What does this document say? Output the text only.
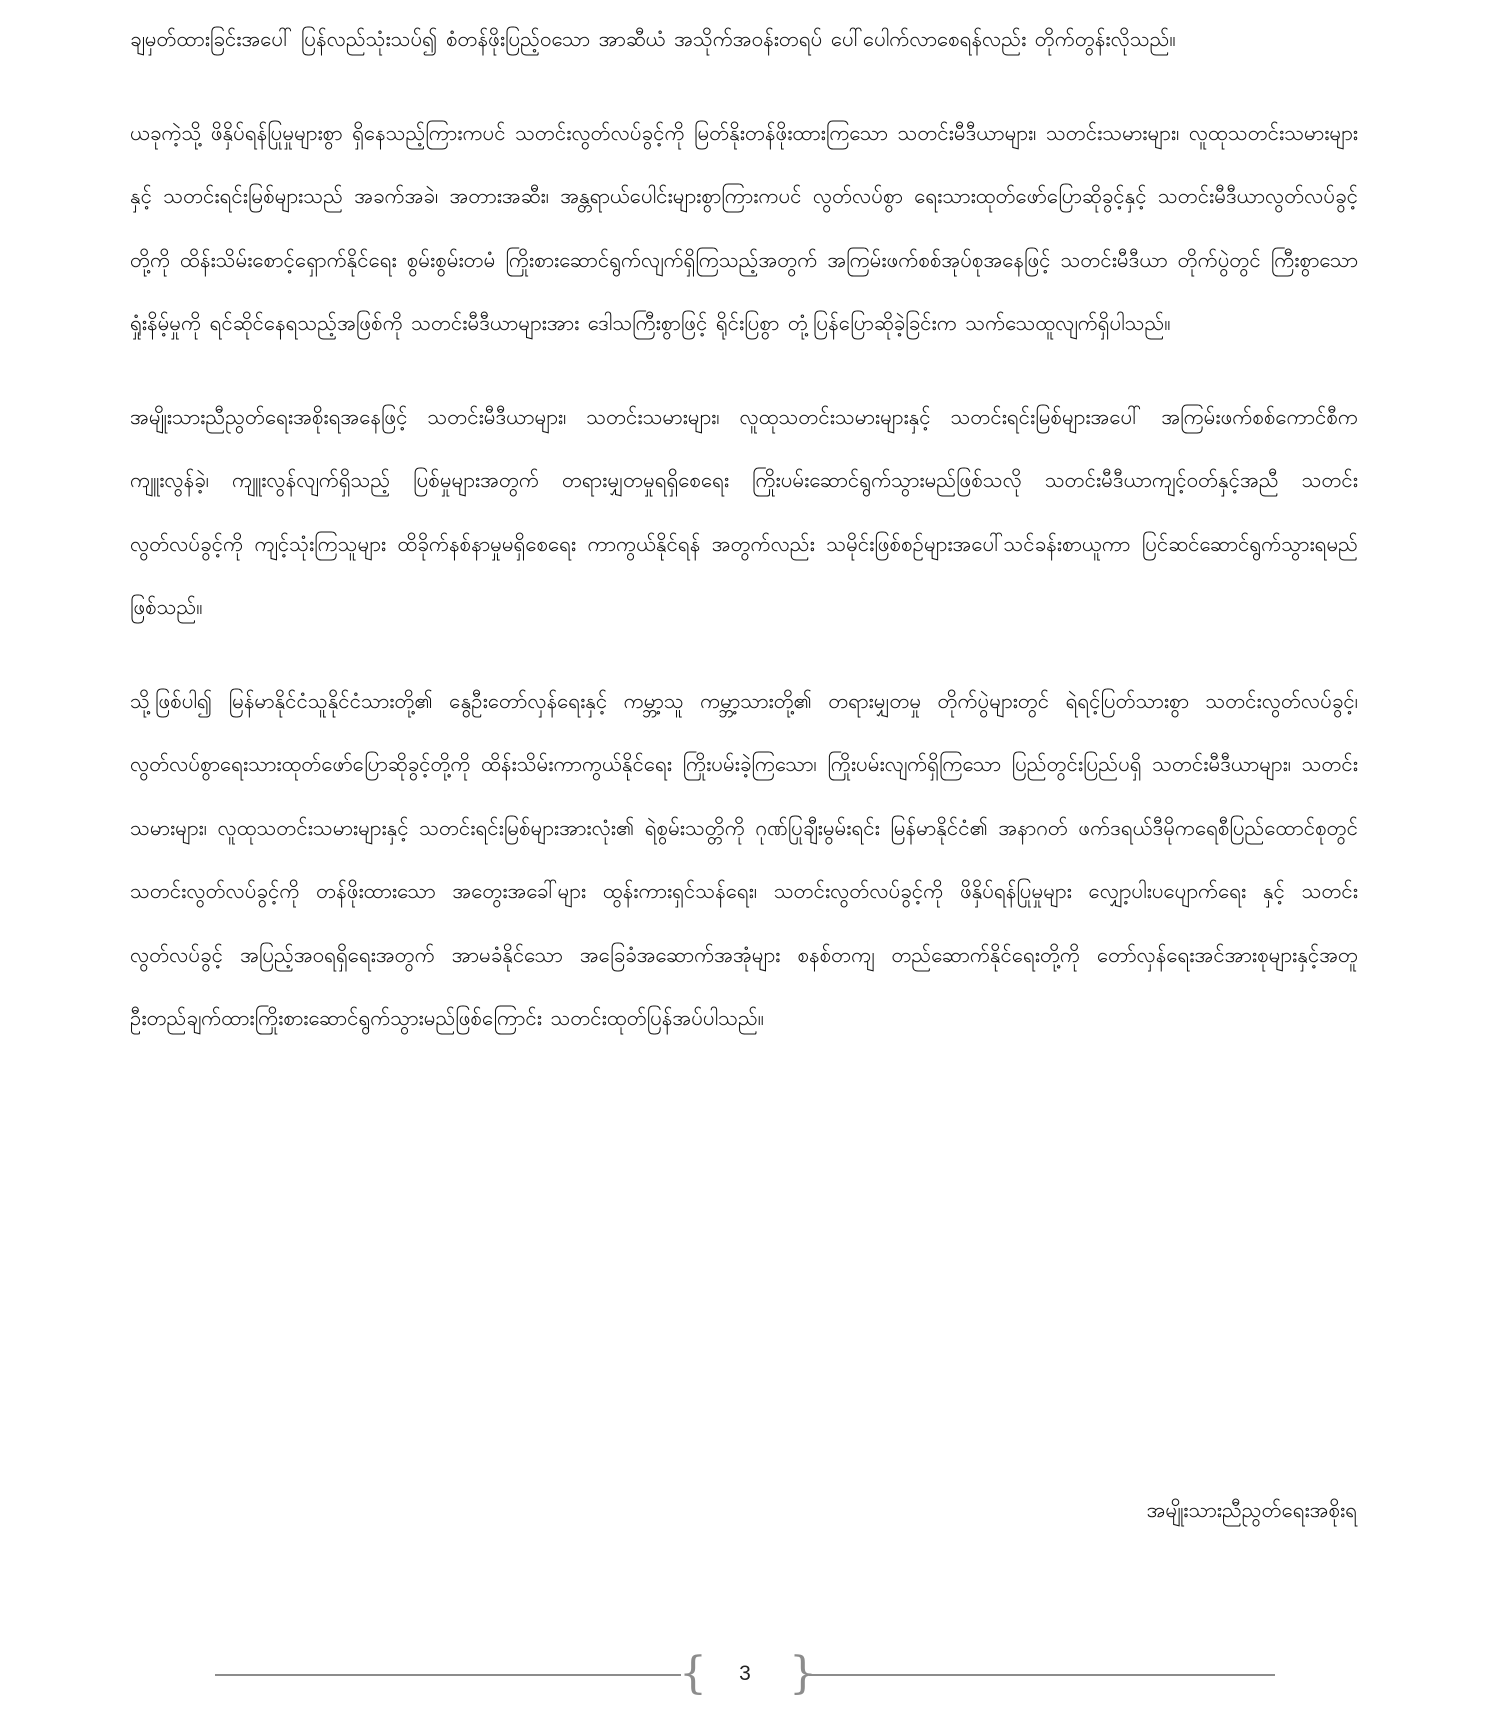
ချမှတ်ထားခြင်းအပေါ် ပြန်လည်သုံးသပ်၍ စံတန်ဖိုးပြည့်ဝသော အာဆီယံ အသိုက်အဝန်းတရပ် ပေါ်ပေါက်လာစေရန်လည်း တိုက်တွန်းလိုသည်။

ယခုကဲ့သို့ ဖိနှိပ်ရန်ပြုမှုများစွာ ရှိနေသည့်ကြားကပင် သတင်းလွတ်လပ်ခွင့်ကို မြတ်နိုးတန်ဖိုးထားကြသော သတင်းမီဒီယာများ၊ သတင်းသမားများ၊ လူထုသတင်းသမားများနှင့် သတင်းရင်းမြစ်များသည် အခက်အခဲ၊ အတားအဆီး၊ အန္တရာယ်ပေါင်းများစွာကြားကပင် လွတ်လပ်စွာ ရေးသားထုတ်ဖော်ပြောဆိုခွင့်နှင့် သတင်းမီဒီယာလွတ်လပ်ခွင့်တို့ကို ထိန်းသိမ်းစောင့်ရှောက်နိုင်ရေး စွမ်းစွမ်းတမံ ကြိုးစားဆောင်ရွက်လျက်ရှိကြသည့်အတွက် အကြမ်းဖက်စစ်အုပ်စုအနေဖြင့် သတင်းမီဒီယာ တိုက်ပွဲတွင် ကြီးစွာသော ရှုံးနိမ့်မှုကို ရင်ဆိုင်နေရသည့်အဖြစ်ကို သတင်းမီဒီယာများအား ဒေါသကြီးစွာဖြင့် ရိုင်းပြစွာ တုံ့ပြန်ပြောဆိုခဲ့ခြင်းက သက်သေထူလျက်ရှိပါသည်။

အမျိုးသားညီညွတ်ရေးအစိုးရအနေဖြင့် သတင်းမီဒီယာများ၊ သတင်းသမားများ၊ လူထုသတင်းသမားများနှင့် သတင်းရင်းမြစ်များအပေါ် အကြမ်းဖက်စစ်ကောင်စီက ကျူးလွန်ခဲ့၊ ကျူးလွန်လျက်ရှိသည့် ပြစ်မှုများအတွက် တရားမျှတမှုရရှိစေရေး ကြိုးပမ်းဆောင်ရွက်သွားမည်ဖြစ်သလို သတင်းမီဒီယာကျင့်ဝတ်နှင့်အညီ သတင်းလွတ်လပ်ခွင့်ကို ကျင့်သုံးကြသူများ ထိခိုက်နစ်နာမှုမရှိစေရေး ကာကွယ်နိုင်ရန် အတွက်လည်း သမိုင်းဖြစ်စဉ်များအပေါ်သင်ခန်းစာယူကာ ပြင်ဆင်ဆောင်ရွက်သွားရမည် ဖြစ်သည်။

သို့ဖြစ်ပါ၍ မြန်မာနိုင်ငံသူနိုင်ငံသားတို့၏ နွေဦးတော်လှန်ရေးနှင့် ကမ္ဘာ့သူ ကမ္ဘာ့သားတို့၏ တရားမျှတမှု တိုက်ပွဲများတွင် ရဲရင့်ပြတ်သားစွာ သတင်းလွတ်လပ်ခွင့်၊ လွတ်လပ်စွာရေးသားထုတ်ဖော်ပြောဆိုခွင့်တို့ကို ထိန်းသိမ်းကာကွယ်နိုင်ရေး ကြိုးပမ်းခဲ့ကြသော၊ ကြိုးပမ်းလျက်ရှိကြသော ပြည်တွင်းပြည်ပရှိ သတင်းမီဒီယာများ၊ သတင်းသမားများ၊ လူထုသတင်းသမားများနှင့် သတင်းရင်းမြစ်များအားလုံး၏ ရဲစွမ်းသတ္တိကို ဂုဏ်ပြုချီးမွမ်းရင်း မြန်မာနိုင်ငံ၏ အနာဂတ် ဖက်ဒရယ်ဒီမိုကရေစီပြည်ထောင်စုတွင် သတင်းလွတ်လပ်ခွင့်ကို တန်ဖိုးထားသော အတွေးအခေါ်များ ထွန်းကားရှင်သန်ရေး၊ သတင်းလွတ်လပ်ခွင့်ကို ဖိနှိပ်ရန်ပြုမှုများ လျှော့ပါးပပျောက်ရေး နှင့် သတင်းလွတ်လပ်ခွင့် အပြည့်အဝရရှိရေးအတွက် အာမခံနိုင်သော အခြေခံအဆောက်အအုံများ စနစ်တကျ တည်ဆောက်နိုင်ရေးတို့ကို တော်လှန်ရေးအင်အားစုများနှင့်အတူ ဦးတည်ချက်ထားကြိုးစားဆောင်ရွက်သွားမည်ဖြစ်ကြောင်း သတင်းထုတ်ပြန်အပ်ပါသည်။

အမျိုးသားညီညွတ်ရေးအစိုးရ
{	3 }
